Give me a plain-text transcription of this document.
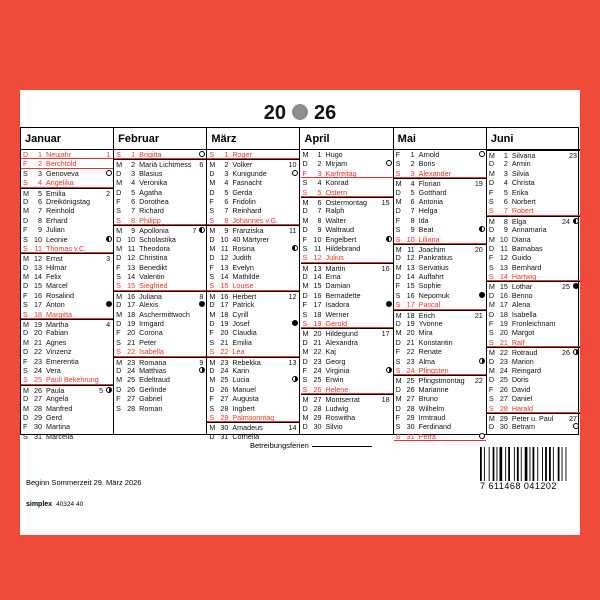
20 26
Januar
D	1 Neujahr	1
F	2 Berchtold
S	3 Genoveva
S	4 Angelika
M	5 Emilia	2
D	6 Dreikönigstag
M	7 Reinhold
D	8 Erhard
F	9 Julian
S 10 Leonie
S 11 Thomas v.C.
M 12 Ernst	3
D 13 Hilmar
M 14 Felix
D 15 Marcel
F 16 Rosalind
S 17 Anton
S 18 Margitta
M 19 Martha	4
D 20 Fabian
M 21 Agnes
D 22 Vinzenz
F 23 Emerentia
S 24 Vera
S 25 Pauli Bekehrung
M 26 Paula	5
D 27 Angela
M 28 Manfred
D 29 Gerd
F 30 Martina
S 31 Marcella
Februar
S	1 Brigitta
M	2 Mariä Lichtmess 6
D	3 Blasius
M	4 Veronika
D	5 Agatha
F	6 Dorothea
S	7 Richard
S	8 Philipp
M	9 Apollonia	7
D 10 Scholastika
M 11 Theodora
D 12 Christina
F 13 Benedikt
S 14 Valentin
S 15 Siegfried
M 16 Juliana	8
D 17 Alexis
M 18 Aschermittwoch
D 19 Irmgard
F 20 Corona
S 21 Peter
S 22 Isabella
M 23 Romana	9
D 24 Matthias
M 25 Edeltraud
D 26 Gerlinde
F 27 Gabriel
S 28 Roman
März
S	1 Roger
M	2 Volker	10
D	3 Kunigunde
M	4 Fasnacht
D	5 Gerda
F	6 Fridolin
S	7 Reinhard
S	8 Johannes v.G.
M	9 Franziska	11
D 10 40 Märtyrer
M 11 Rosina
D 12 Judith
F 13 Evelyn
S 14 Mathilde
S 15 Louise
M 16 Herbert	12
D 17 Patrick
M 18 Cyrill
D 19 Josef
F 20 Claudia
S 21 Emilia
S 22 Lea
M 23 Rebekka	13
D 24 Karin
M 25 Lucia
D 26 Manuel
F 27 Augusta
S 28 Ingbert
S 29 Palmsonntag
M 30 Amadeus	14
D 31 Cornelia
April
M	1 Hugo
D	2 Mirjam
F	3 Karfreitag
S	4 Konrad
S	5 Ostern
M	6 Ostermontag 15
D	7 Ralph
M	8 Walter
D	9 Waltraud
F 10 Engelbert
S 11 Hildebrand
S 12 Julius
M 13 Martin	16
D 14 Erna
M 15 Damian
D 16 Bernadette
F 17 Isadora
S 18 Werner
S 19 Gerold
M 20 Hildegund	17
D 21 Alexandra
M 22 Kaj
D 23 Georg
F 24 Virginia
S 25 Erwin
S 26 Helene
M 27 Montserrat	18
D 28 Ludwig
M 29 Roswitha
D 30 Silvio
Mai
F	1 Arnold
S	2 Boris
S	3 Alexander
M	4 Florian	19
D	5 Gotthard
M	6 Antonia
D	7 Helga
F	8 Ida
S	9 Beat
S 10 Liliana
M 11 Joachim	20
D 12 Pankratius
M 13 Servatius
D 14 Auffahrt
F 15 Sophie
S 16 Nepomuk
S 17 Pascal
M 18 Erich	21
D 19 Yvonne
M 20 Mira
D 21 Konstantin
F 22 Renate
S 23 Alma
S 24 Pfingsten
M 25 Pfingstmontag 22
D 26 Marianne
M 27 Bruno
D 28 Wilhelm
F 29 Irmtraud
S 30 Ferdinand
S 31 Petra
Juni
M	1 Silvana	23
D	2 Armin
M	3 Silvia
D	4 Christa
F	5 Erika
S	6 Norbert
S	7 Robert
M	8 Elga	24
D	9 Annamaria
M 10 Diana
D 11 Barnabas
F 12 Guido
S 13 Bernhard
S 14 Hartwig
M 15 Lothar	25
D 16 Benno
M 17 Alena
D 18 Isabella
F 19 Fronleichnam
S 20 Margot
S 21 Ralf
M 22 Rotraud	26
D 23 Marion
M 24 Reingard
D 25 Doris
F 26 David
S 27 Daniel
S 28 Harald
M 29 Peter u. Paul 27
D 30 Betram
Betreibungsferien
Beginn Sommerzeit 29. März 2026
simplex 40324 40
7 611468 041202
